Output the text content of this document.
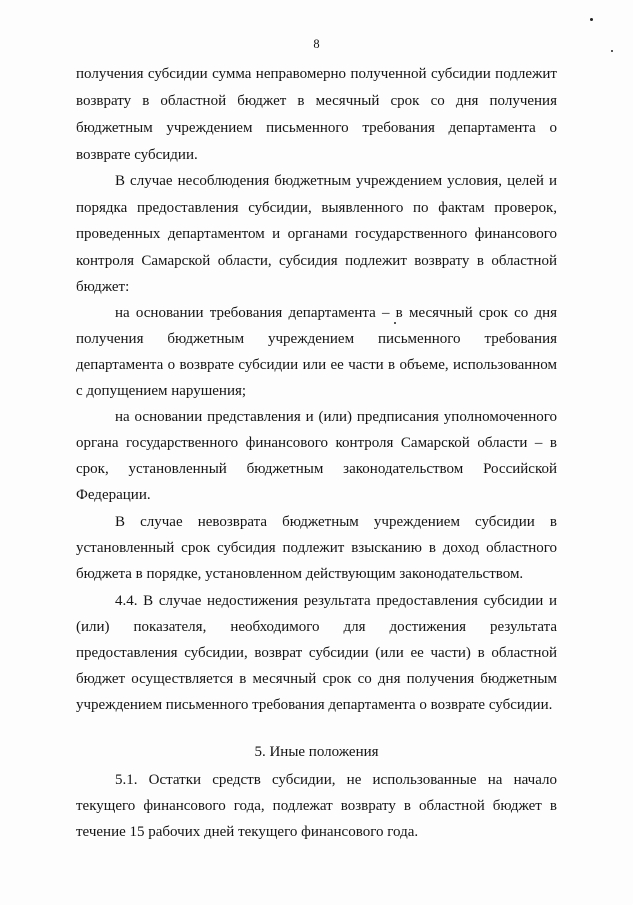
8
получения субсидии сумма неправомерно полученной субсидии подлежит
возврату в областной бюджет в месячный срок со дня получения
бюджетным учреждением письменного требования департамента о
возврате субсидии.
В случае несоблюдения бюджетным учреждением условия, целей и
порядка предоставления субсидии, выявленного по фактам проверок,
проведенных департаментом и органами государственного финансового
контроля Самарской области, субсидия подлежит возврату в областной
бюджет:
на основании требования департамента – в месячный срок со дня
получения бюджетным учреждением письменного требования
департамента о возврате субсидии или ее части в объеме, использованном
с допущением нарушения;
на основании представления и (или) предписания уполномоченного
органа государственного финансового контроля Самарской области – в
срок, установленный бюджетным законодательством Российской
Федерации.
В случае невозврата бюджетным учреждением субсидии в
установленный срок субсидия подлежит взысканию в доход областного
бюджета в порядке, установленном действующим законодательством.
4.4. В случае недостижения результата предоставления субсидии и
(или) показателя, необходимого для достижения результата
предоставления субсидии, возврат субсидии (или ее части) в областной
бюджет осуществляется в месячный срок со дня получения бюджетным
учреждением письменного требования департамента о возврате субсидии.
5. Иные положения
5.1. Остатки средств субсидии, не использованные на начало
текущего финансового года, подлежат возврату в областной бюджет в
течение 15 рабочих дней текущего финансового года.
